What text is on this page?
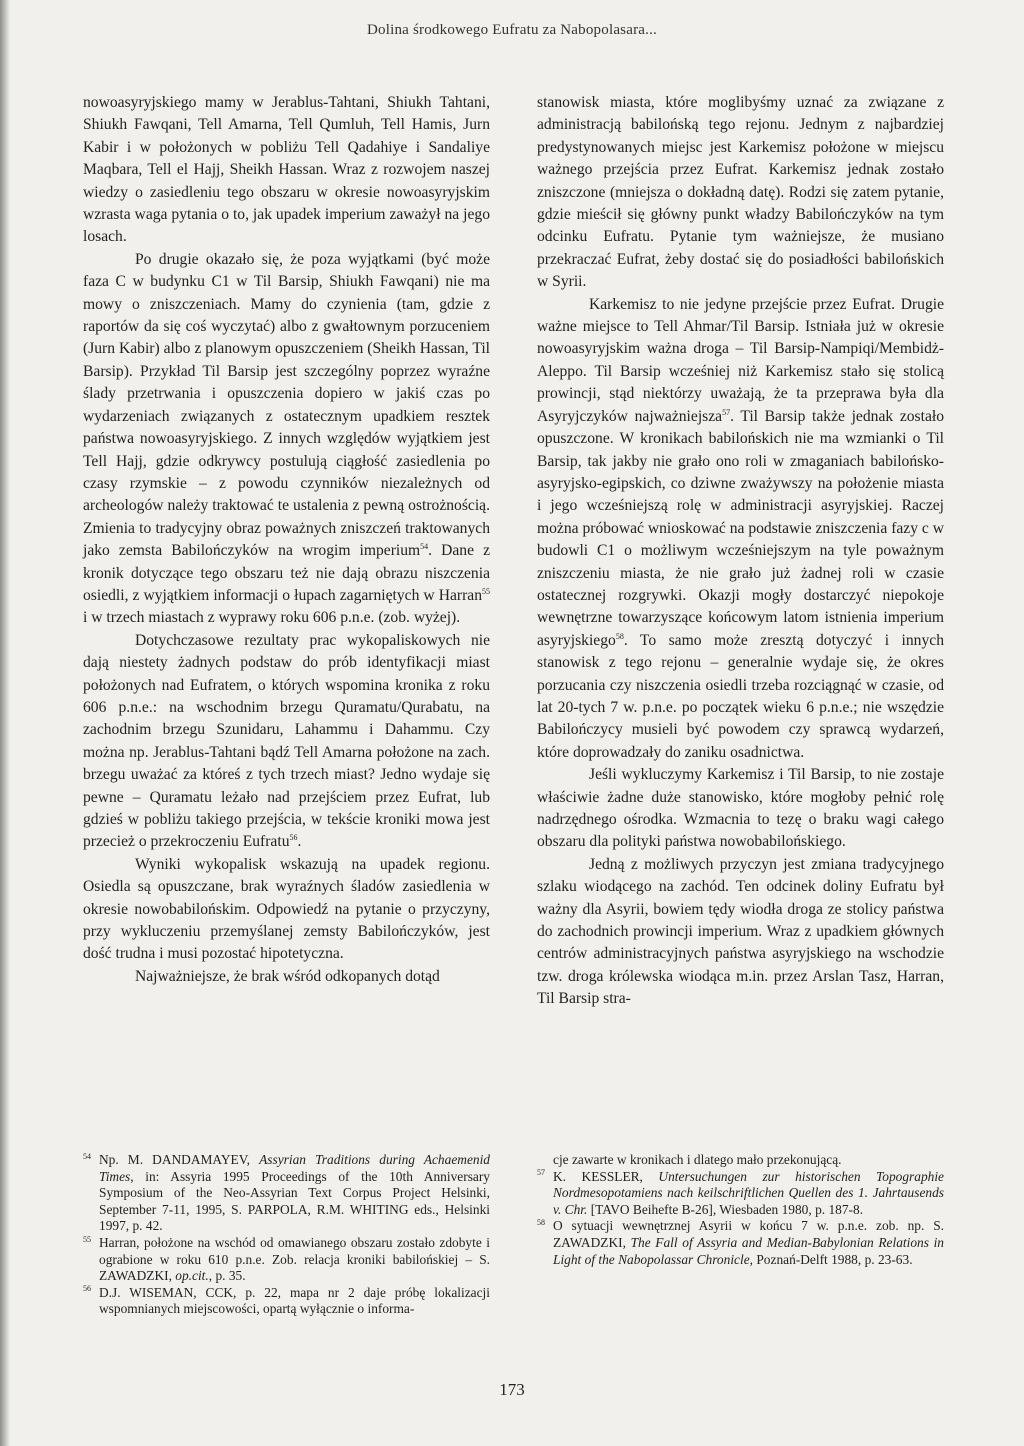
Dolina środkowego Eufratu za Nabopolasara...

nowoasyryjskiego mamy w Jerablus-Tahtani, Shiukh Tahtani, Shiukh Fawqani, Tell Amarna, Tell Qumluh, Tell Hamis, Jurn Kabir i w położonych w pobliżu Tell Qadahiye i Sandaliye Maqbara, Tell el Hajj, Sheikh Hassan. Wraz z rozwojem naszej wiedzy o zasiedleniu tego obszaru w okresie nowoasyryjskim wzrasta waga pytania o to, jak upadek imperium zaważył na jego losach.

Po drugie okazało się, że poza wyjątkami (być może faza C w budynku C1 w Til Barsip, Shiukh Fawqani) nie ma mowy o zniszczeniach. Mamy do czynienia (tam, gdzie z raportów da się coś wyczytać) albo z gwałtownym porzuceniem (Jurn Kabir) albo z planowym opuszczeniem (Sheikh Hassan, Til Barsip). Przykład Til Barsip jest szczególny poprzez wyraźne ślady przetrwania i opuszczenia dopiero w jakiś czas po wydarzeniach związanych z ostatecznym upadkiem resztek państwa nowoasyryjskiego. Z innych względów wyjątkiem jest Tell Hajj, gdzie odkrywcy postulują ciągłość zasiedlenia po czasy rzymskie – z powodu czynników niezależnych od archeologów należy traktować te ustalenia z pewną ostrożnością. Zmienia to tradycyjny obraz poważnych zniszczeń traktowanych jako zemsta Babilończyków na wrogim imperium$^{54}$. Dane z kronik dotyczące tego obszaru też nie dają obrazu niszczenia osiedli, z wyjątkiem informacji o łupach zagarniętych w Harran$^{55}$ i w trzech miastach z wyprawy roku 606 p.n.e. (zob. wyżej).

Dotychczasowe rezultaty prac wykopaliskowych nie dają niestety żadnych podstaw do prób identyfikacji miast położonych nad Eufratem, o których wspomina kronika z roku 606 p.n.e.: na wschodnim brzegu Quramatu/Qurabatu, na zachodnim brzegu Szunidaru, Lahammu i Dahammu. Czy można np. Jerablus-Tahtani bądź Tell Amarna położone na zach. brzegu uważać za któreś z tych trzech miast? Jedno wydaje się pewne – Quramatu leżało nad przejściem przez Eufrat, lub gdzieś w pobliżu takiego przejścia, w tekście kroniki mowa jest przecież o przekroczeniu Eufratu$^{56}$.

Wyniki wykopalisk wskazują na upadek regionu. Osiedla są opuszczane, brak wyraźnych śladów zasiedlenia w okresie nowobabilońskim. Odpowiedź na pytanie o przyczyny, przy wykluczeniu przemyślanej zemsty Babilończyków, jest dość trudna i musi pozostać hipotetyczna.

Najważniejsze, że brak wśród odkopanych dotąd

stanowisk miasta, które moglibyśmy uznać za związane z administracją babilońską tego rejonu. Jednym z najbardziej predystynowanych miejsc jest Karkemisz położone w miejscu ważnego przejścia przez Eufrat. Karkemisz jednak zostało zniszczone (mniejsza o dokładną datę). Rodzi się zatem pytanie, gdzie mieścił się główny punkt władzy Babilończyków na tym odcinku Eufratu. Pytanie tym ważniejsze, że musiano przekraczać Eufrat, żeby dostać się do posiadłości babilońskich w Syrii.

Karkemisz to nie jedyne przejście przez Eufrat. Drugie ważne miejsce to Tell Ahmar/Til Barsip. Istniała już w okresie nowoasyryjskim ważna droga – Til Barsip-Nampiqi/Membidż-Aleppo. Til Barsip wcześniej niż Karkemisz stało się stolicą prowincji, stąd niektórzy uważają, że ta przeprawa była dla Asyryjczyków najważniejsza$^{57}$. Til Barsip także jednak zostało opuszczone. W kronikach babilońskich nie ma wzmianki o Til Barsip, tak jakby nie grało ono roli w zmaganiach babilońsko-asyryjsko-egipskich, co dziwne zważywszy na położenie miasta i jego wcześniejszą rolę w administracji asyryjskiej. Raczej można próbować wnioskować na podstawie zniszczenia fazy c w budowli C1 o możliwym wcześniejszym na tyle poważnym zniszczeniu miasta, że nie grało już żadnej roli w czasie ostatecznej rozgrywki. Okazji mogły dostarczyć niepokoje wewnętrzne towarzyszące końcowym latom istnienia imperium asyryjskiego$^{58}$. To samo może zresztą dotyczyć i innych stanowisk z tego rejonu – generalnie wydaje się, że okres porzucania czy niszczenia osiedli trzeba rozciągnąć w czasie, od lat 20-tych 7 w. p.n.e. po początek wieku 6 p.n.e.; nie wszędzie Babilończycy musieli być powodem czy sprawcą wydarzeń, które doprowadzały do zaniku osadnictwa.

Jeśli wykluczymy Karkemisz i Til Barsip, to nie zostaje właściwie żadne duże stanowisko, które mogłoby pełnić rolę nadrzędnego ośrodka. Wzmacnia to tezę o braku wagi całego obszaru dla polityki państwa nowobabilońskiego.

Jedną z możliwych przyczyn jest zmiana tradycyjnego szlaku wiodącego na zachód. Ten odcinek doliny Eufratu był ważny dla Asyrii, bowiem tędy wiodła droga ze stolicy państwa do zachodnich prowincji imperium. Wraz z upadkiem głównych centrów administracyjnych państwa asyryjskiego na wschodzie tzw. droga królewska wiodąca m.in. przez Arslan Tasz, Harran, Til Barsip stra-

54 Np. M. DANDAMAYEV, Assyrian Traditions during Achaemenid Times, in: Assyria 1995 Proceedings of the 10th Anniversary Symposium of the Neo-Assyrian Text Corpus Project Helsinki, September 7-11, 1995, S. PARPOLA, R.M. WHITING eds., Helsinki 1997, p. 42.

55 Harran, położone na wschód od omawianego obszaru zostało zdobyte i ograbione w roku 610 p.n.e. Zob. relacja kroniki babilońskiej – S. ZAWADZKI, op.cit., p. 35.

56 D.J. WISEMAN, CCK, p. 22, mapa nr 2 daje próbę lokalizacji wspomnianych miejscowości, opartą wyłącznie o informa-

cje zawarte w kronikach i dlatego mało przekonującą.

57 K. KESSLER, Untersuchungen zur historischen Topographie Nordmesopotamiens nach keilschriftlichen Quellen des 1. Jahrtausends v. Chr. [TAVO Beihefte B-26], Wiesbaden 1980, p. 187-8.

58 O sytuacji wewnętrznej Asyrii w końcu 7 w. p.n.e. zob. np. S. ZAWADZKI, The Fall of Assyria and Median-Babylonian Relations in Light of the Nabopolassar Chronicle, Poznań-Delft 1988, p. 23-63.

173
